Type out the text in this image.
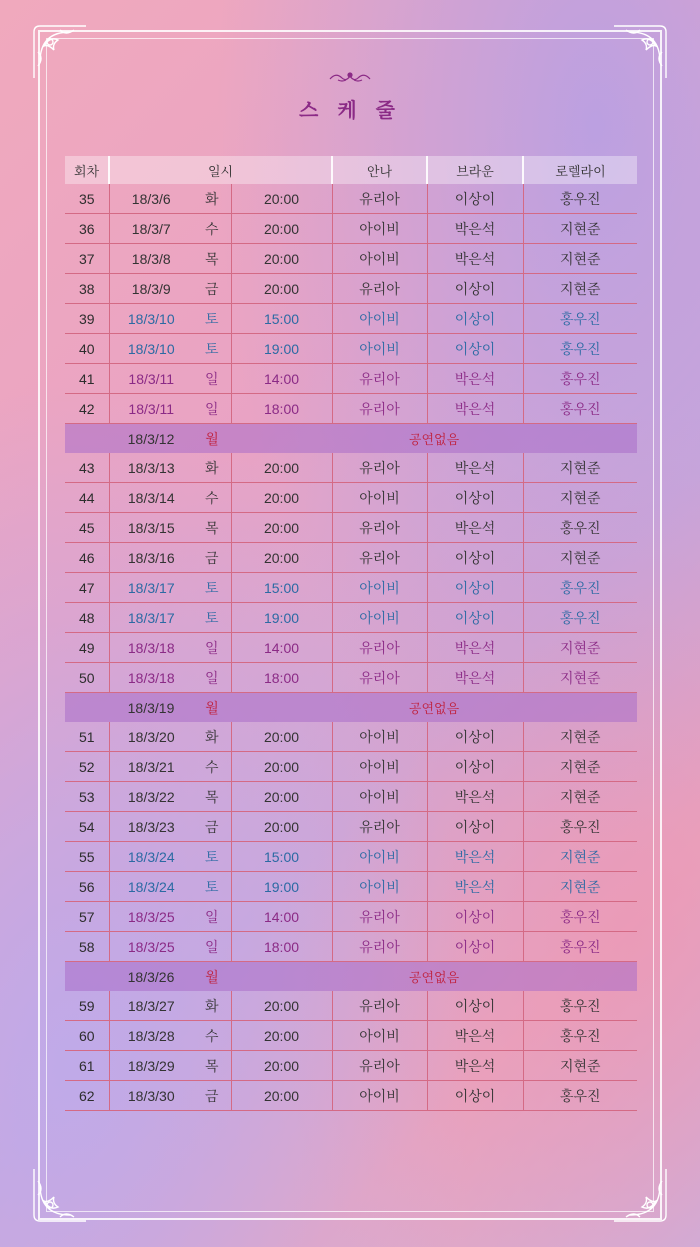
스 케 줄
회차	일시			안나	브라운	로렐라이
35	18/3/6	화	20:00	유리아	이상이	홍우진
36	18/3/7	수	20:00	아이비	박은석	지현준
37	18/3/8	목	20:00	아이비	박은석	지현준
38	18/3/9	금	20:00	유리아	이상이	지현준
39	18/3/10	토	15:00	아이비	이상이	홍우진
40	18/3/10	토	19:00	아이비	이상이	홍우진
41	18/3/11	일	14:00	유리아	박은석	홍우진
42	18/3/11	일	18:00	유리아	박은석	홍우진
	18/3/12	월	공연없음			
43	18/3/13	화	20:00	유리아	박은석	지현준
44	18/3/14	수	20:00	아이비	이상이	지현준
45	18/3/15	목	20:00	유리아	박은석	홍우진
46	18/3/16	금	20:00	유리아	이상이	지현준
47	18/3/17	토	15:00	아이비	이상이	홍우진
48	18/3/17	토	19:00	아이비	이상이	홍우진
49	18/3/18	일	14:00	유리아	박은석	지현준
50	18/3/18	일	18:00	유리아	박은석	지현준
	18/3/19	월	공연없음			
51	18/3/20	화	20:00	아이비	이상이	지현준
52	18/3/21	수	20:00	아이비	이상이	지현준
53	18/3/22	목	20:00	아이비	박은석	지현준
54	18/3/23	금	20:00	유리아	이상이	홍우진
55	18/3/24	토	15:00	아이비	박은석	지현준
56	18/3/24	토	19:00	아이비	박은석	지현준
57	18/3/25	일	14:00	유리아	이상이	홍우진
58	18/3/25	일	18:00	유리아	이상이	홍우진
	18/3/26	월	공연없음			
59	18/3/27	화	20:00	유리아	이상이	홍우진
60	18/3/28	수	20:00	아이비	박은석	홍우진
61	18/3/29	목	20:00	유리아	박은석	지현준
62	18/3/30	금	20:00	아이비	이상이	홍우진
